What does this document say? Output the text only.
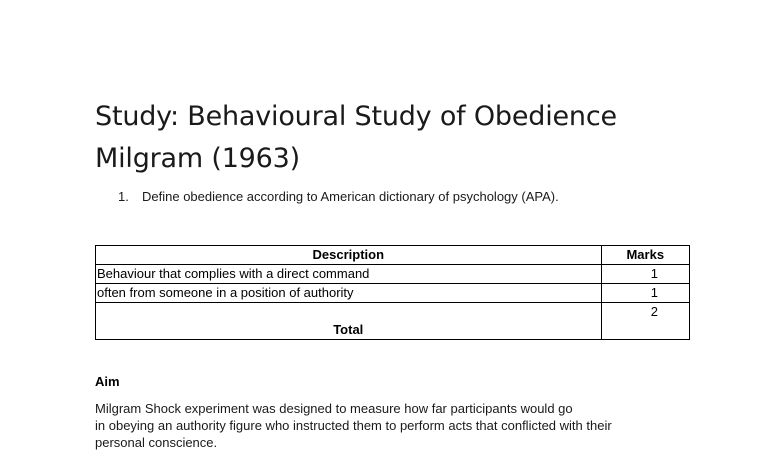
Study: Behavioural Study of Obedience
Milgram (1963)
1. Define obedience according to American dictionary of psychology (APA).
Description	Marks
Behaviour that complies with a direct command	1
often from someone in a position of authority	1
Total	2
Aim
Milgram Shock experiment was designed to measure how far participants would go
in obeying an authority figure who instructed them to perform acts that conflicted with their
personal conscience.
